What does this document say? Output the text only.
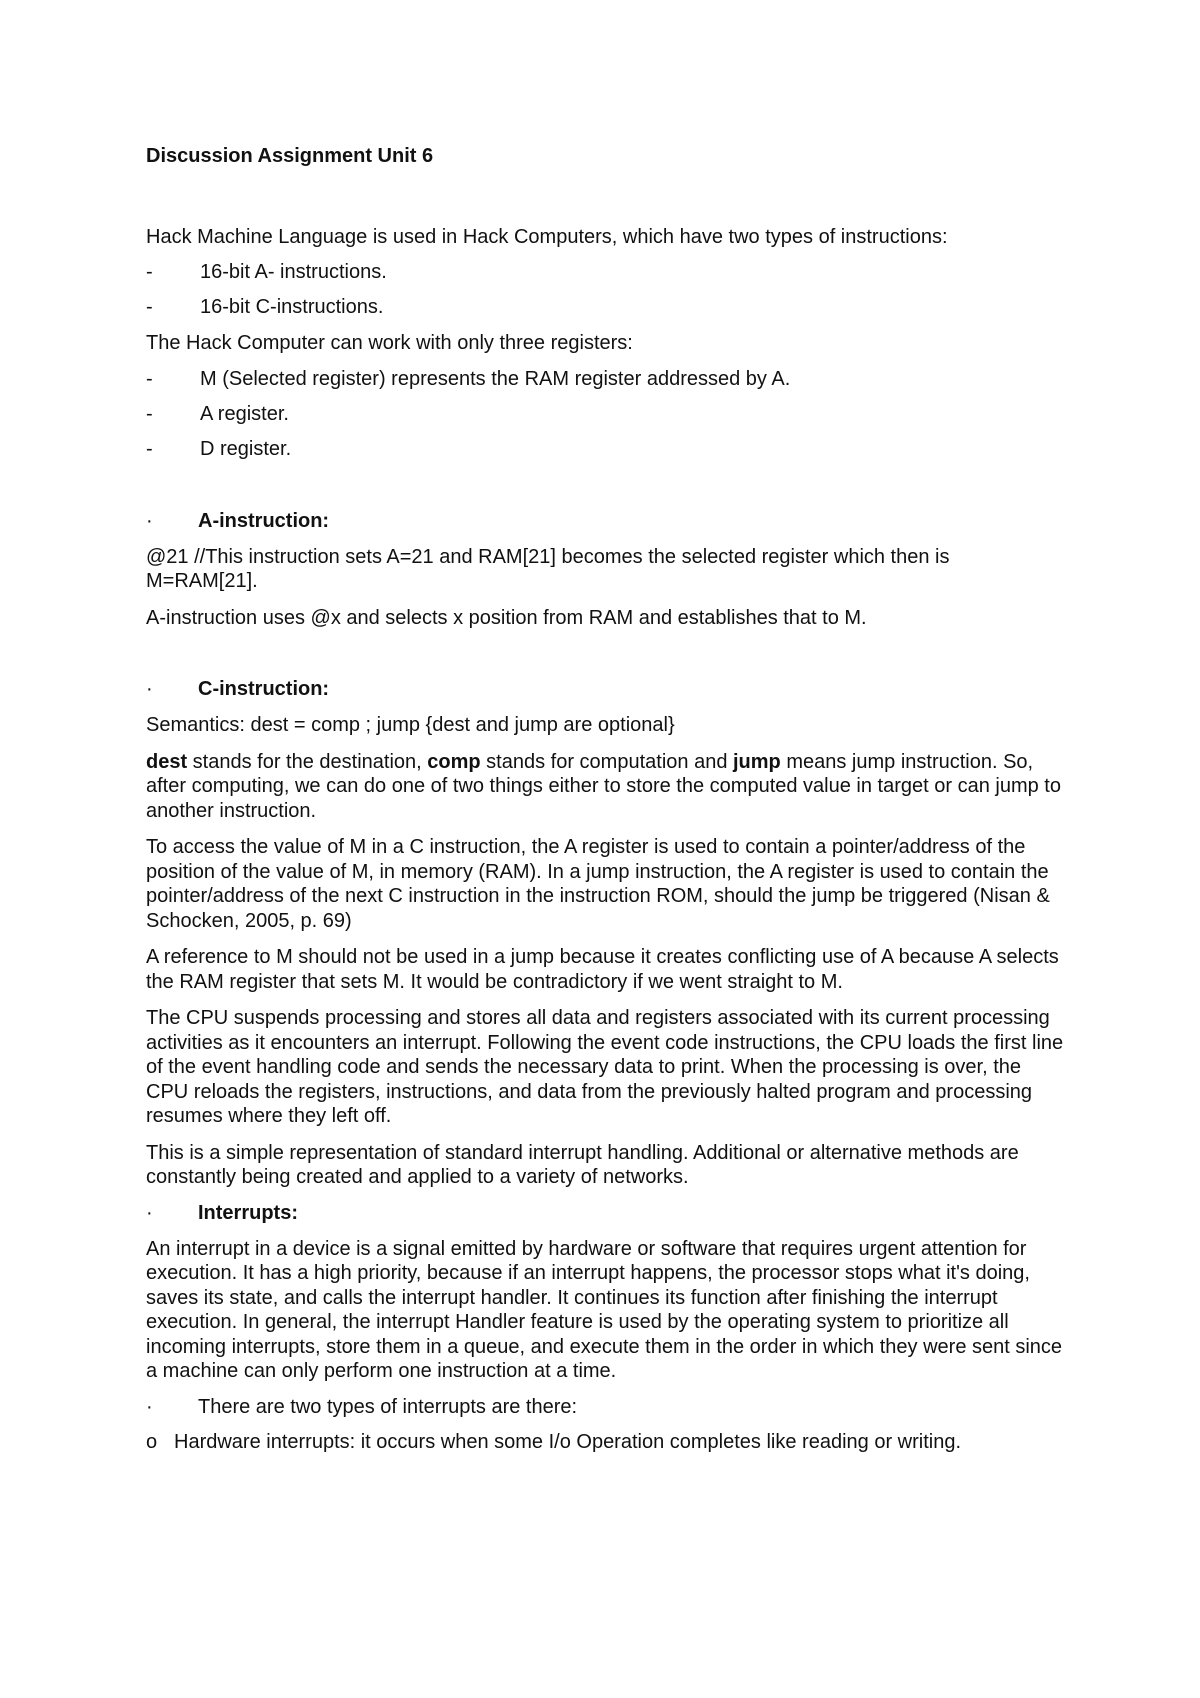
Discussion Assignment Unit 6

Hack Machine Language is used in Hack Computers, which have two types of instructions:

-	16-bit A- instructions.
-	16-bit C-instructions.

The Hack Computer can work with only three registers:

-	M (Selected register) represents the RAM register addressed by A.
-	A register.
-	D register.
·	A-instruction:

@21 //This instruction sets A=21 and RAM[21] becomes the selected register which then is M=RAM[21].

A-instruction uses @x and selects x position from RAM and establishes that to M.

·	C-instruction:

Semantics: dest = comp ; jump {dest and jump are optional}

dest stands for the destination, comp stands for computation and jump means jump instruction. So, after computing, we can do one of two things either to store the computed value in target or can jump to another instruction.

To access the value of M in a C instruction, the A register is used to contain a pointer/address of the position of the value of M, in memory (RAM). In a jump instruction, the A register is used to contain the pointer/address of the next C instruction in the instruction ROM, should the jump be triggered (Nisan & Schocken, 2005, p. 69)

A reference to M should not be used in a jump because it creates conflicting use of A because A selects the RAM register that sets M. It would be contradictory if we went straight to M.

The CPU suspends processing and stores all data and registers associated with its current processing activities as it encounters an interrupt. Following the event code instructions, the CPU loads the first line of the event handling code and sends the necessary data to print. When the processing is over, the CPU reloads the registers, instructions, and data from the previously halted program and processing resumes where they left off.

This is a simple representation of standard interrupt handling. Additional or alternative methods are constantly being created and applied to a variety of networks.

·	Interrupts:

An interrupt in a device is a signal emitted by hardware or software that requires urgent attention for execution. It has a high priority, because if an interrupt happens, the processor stops what it's doing, saves its state, and calls the interrupt handler. It continues its function after finishing the interrupt execution. In general, the interrupt Handler feature is used by the operating system to prioritize all incoming interrupts, store them in a queue, and execute them in the order in which they were sent since a machine can only perform one instruction at a time.

·	There are two types of interrupts are there:
o Hardware interrupts: it occurs when some I/o Operation completes like reading or writing.
